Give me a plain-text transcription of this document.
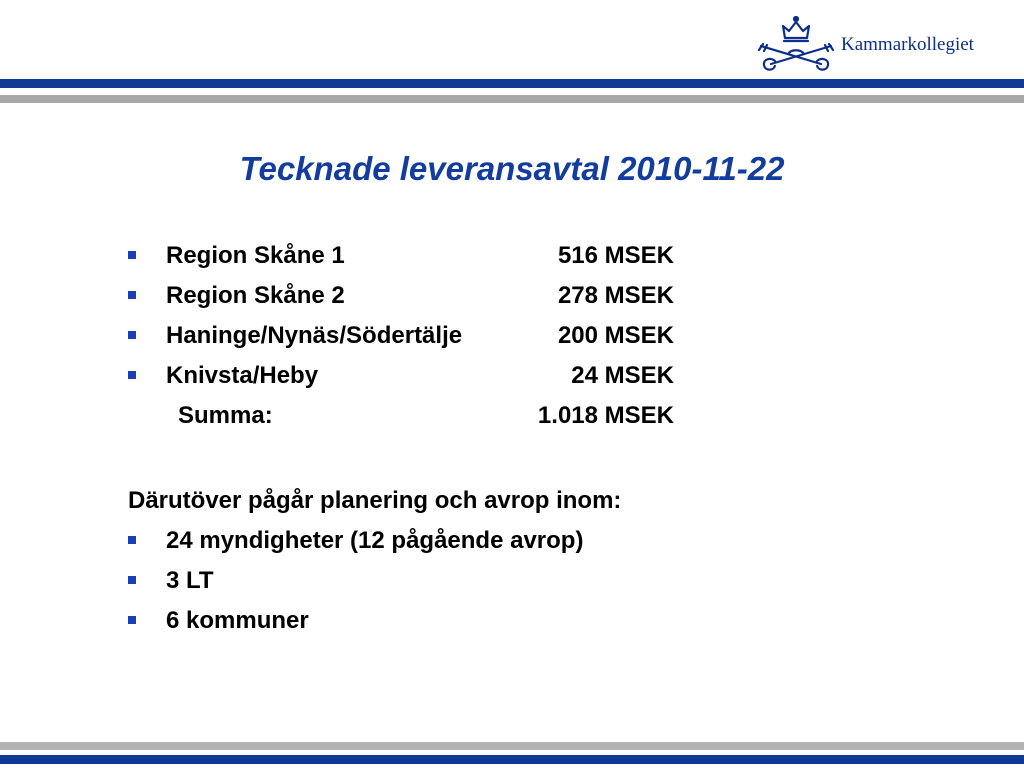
Kammarkollegiet
Tecknade leveransavtal 2010-11-22
Region Skåne 1	516 MSEK
Region Skåne 2	278 MSEK
Haninge/Nynäs/Södertälje	200 MSEK
Knivsta/Heby	24 MSEK
Summa:	1.018 MSEK
Därutöver pågår planering och avrop inom:
24 myndigheter (12 pågående avrop)
3 LT
6 kommuner
